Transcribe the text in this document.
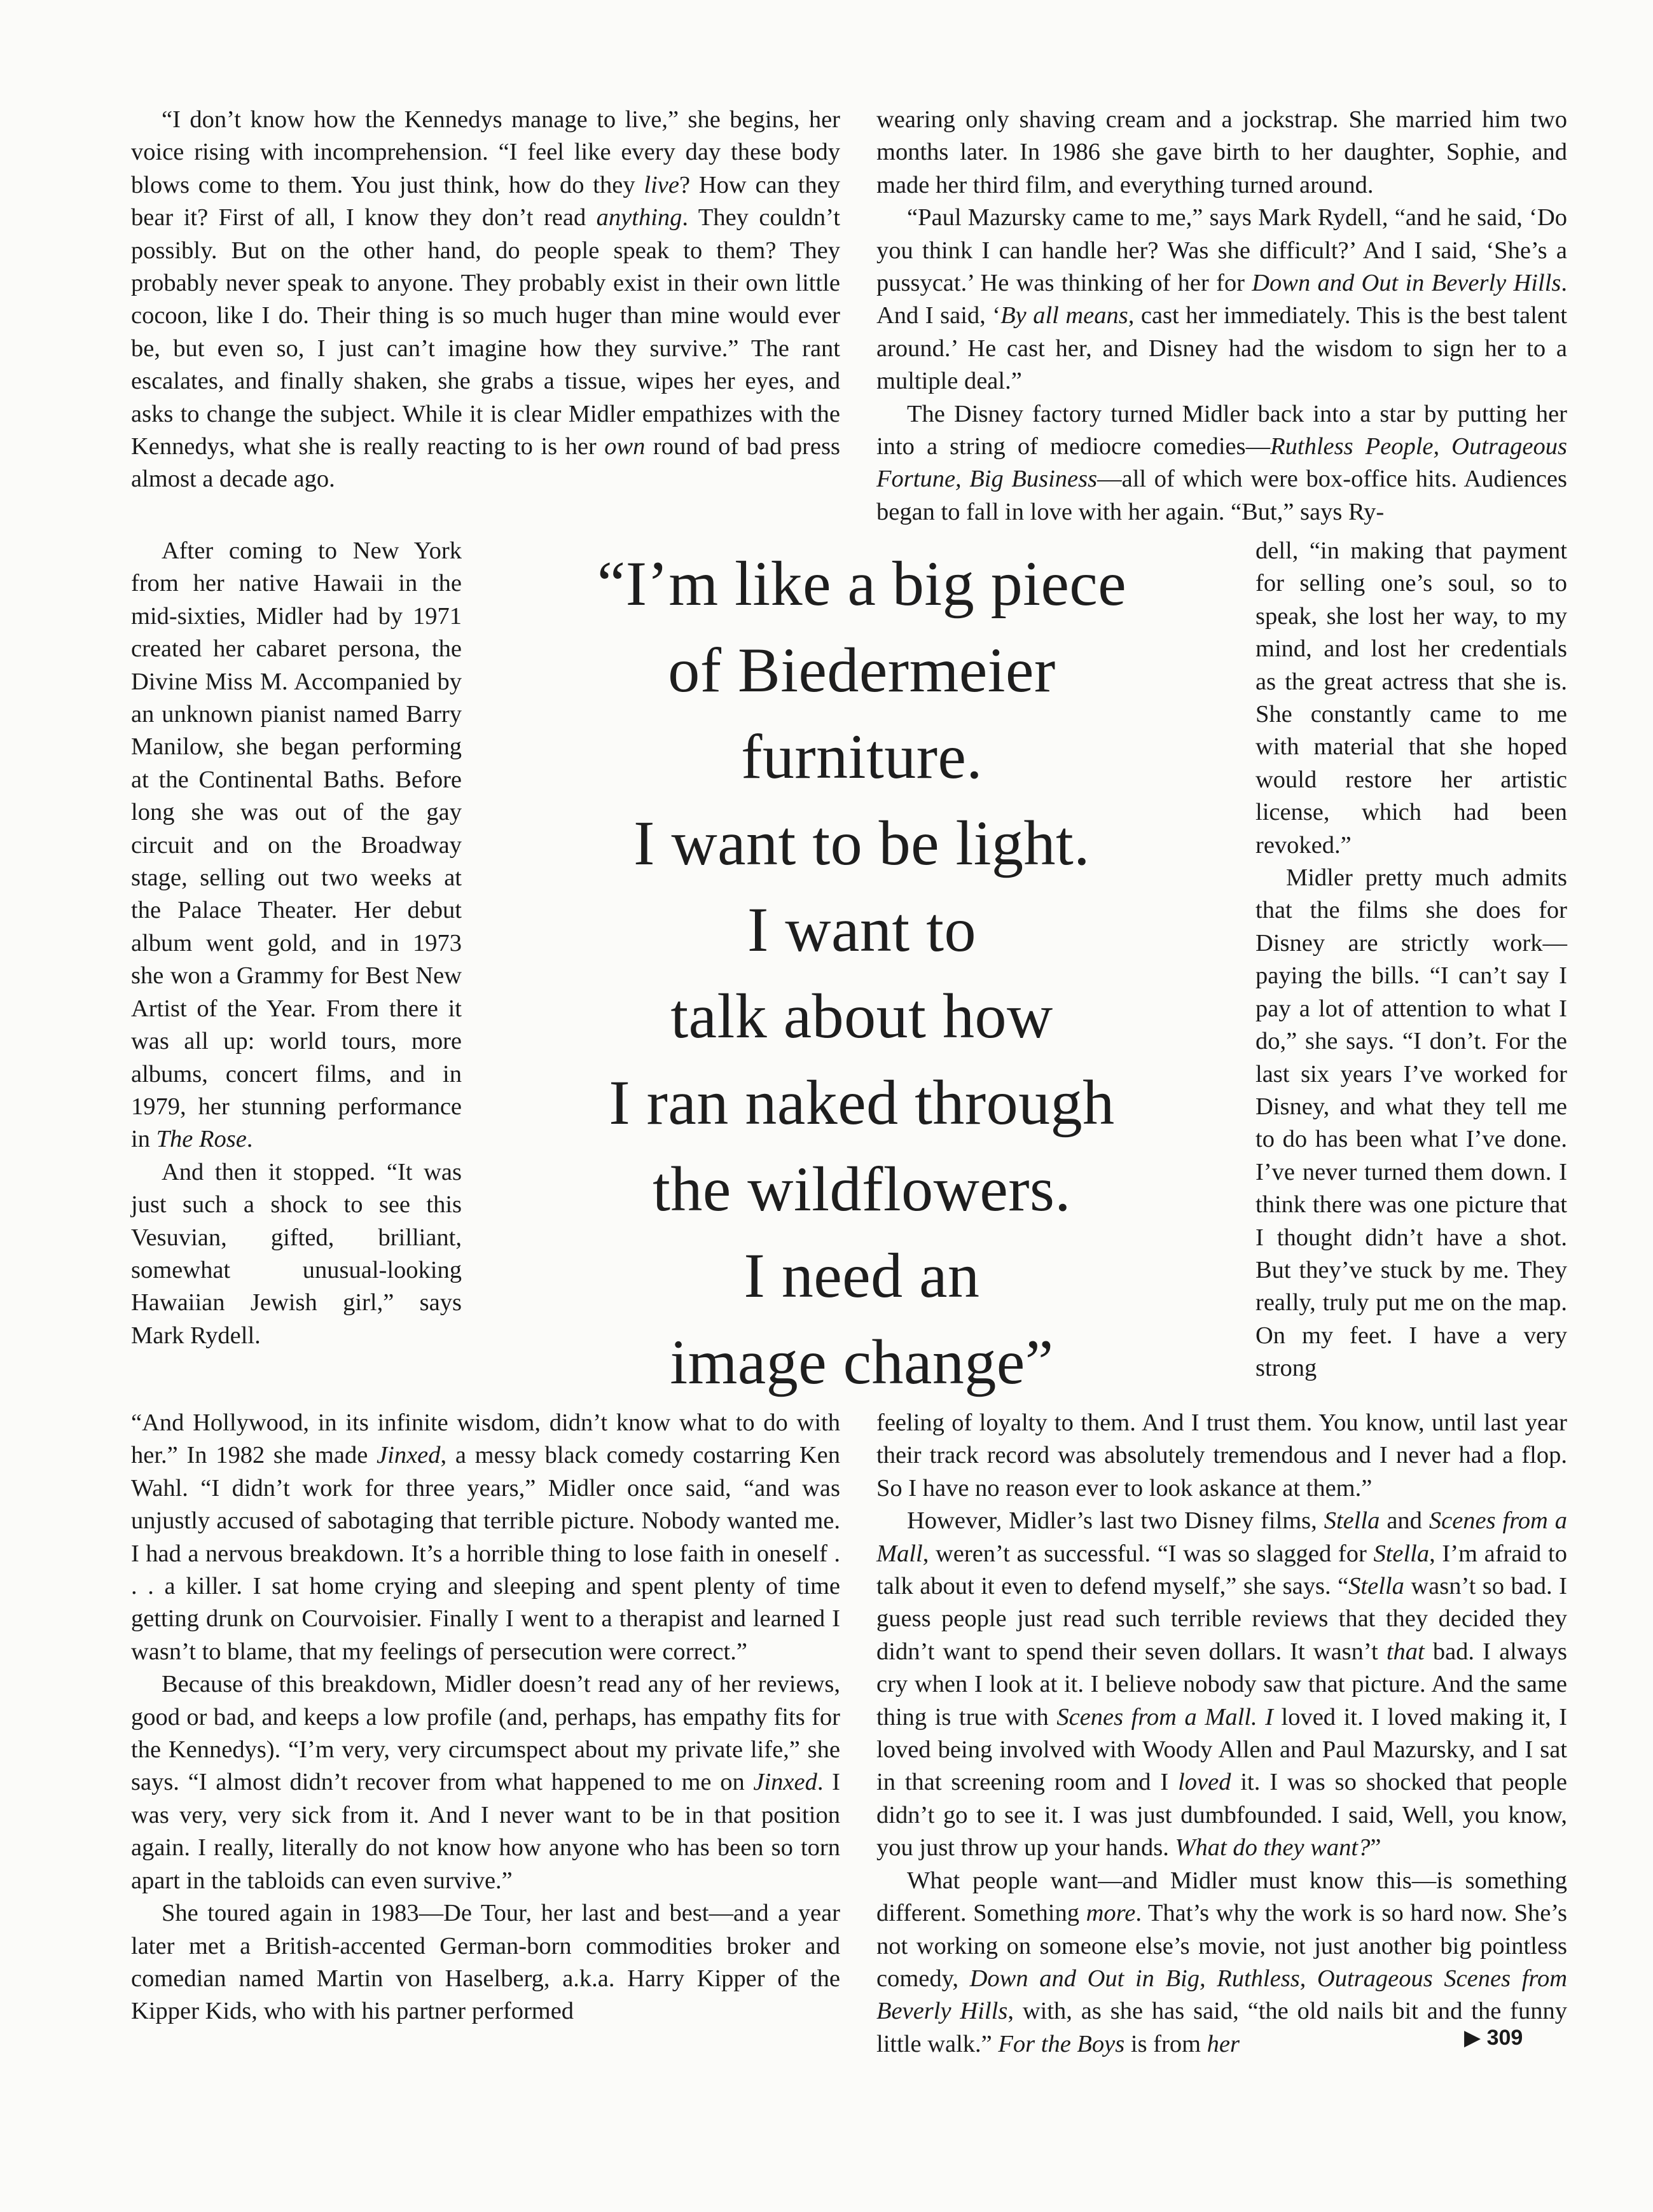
“I don’t know how the Kennedys manage to live,” she begins, her voice rising with incomprehension. “I feel like every day these body blows come to them. You just think, how do they live? How can they bear it? First of all, I know they don’t read anything. They couldn’t possibly. But on the other hand, do people speak to them? They probably never speak to anyone. They probably exist in their own little cocoon, like I do. Their thing is so much huger than mine would ever be, but even so, I just can’t imagine how they survive.” The rant escalates, and finally shaken, she grabs a tissue, wipes her eyes, and asks to change the subject. While it is clear Midler empathizes with the Kennedys, what she is really reacting to is her own round of bad press almost a decade ago.

After coming to New York from her native Hawaii in the mid-sixties, Midler had by 1971 created her cabaret persona, the Divine Miss M. Accompanied by an unknown pianist named Barry Manilow, she began performing at the Continental Baths. Before long she was out of the gay circuit and on the Broadway stage, selling out two weeks at the Palace Theater. Her debut album went gold, and in 1973 she won a Grammy for Best New Artist of the Year. From there it was all up: world tours, more albums, concert films, and in 1979, her stunning performance in The Rose.

And then it stopped. “It was just such a shock to see this Vesuvian, gifted, brilliant, somewhat unusual-looking Hawaiian Jewish girl,” says Mark Rydell.

“And Hollywood, in its infinite wisdom, didn’t know what to do with her.” In 1982 she made Jinxed, a messy black comedy costarring Ken Wahl. “I didn’t work for three years,” Midler once said, “and was unjustly accused of sabotaging that terrible picture. Nobody wanted me. I had a nervous breakdown. It’s a horrible thing to lose faith in oneself . . . a killer. I sat home crying and sleeping and spent plenty of time getting drunk on Courvoisier. Finally I went to a therapist and learned I wasn’t to blame, that my feelings of persecution were correct.”

Because of this breakdown, Midler doesn’t read any of her reviews, good or bad, and keeps a low profile (and, perhaps, has empathy fits for the Kennedys). “I’m very, very circumspect about my private life,” she says. “I almost didn’t recover from what happened to me on Jinxed. I was very, very sick from it. And I never want to be in that position again. I really, literally do not know how anyone who has been so torn apart in the tabloids can even survive.”

She toured again in 1983—De Tour, her last and best—and a year later met a British-accented German-born commodities broker and comedian named Martin von Haselberg, a.k.a. Harry Kipper of the Kipper Kids, who with his partner performed

wearing only shaving cream and a jockstrap. She married him two months later. In 1986 she gave birth to her daughter, Sophie, and made her third film, and everything turned around.

“Paul Mazursky came to me,” says Mark Rydell, “and he said, ‘Do you think I can handle her? Was she difficult?’ And I said, ‘She’s a pussycat.’ He was thinking of her for Down and Out in Beverly Hills. And I said, ‘By all means, cast her immediately. This is the best talent around.’ He cast her, and Disney had the wisdom to sign her to a multiple deal.”

The Disney factory turned Midler back into a star by putting her into a string of mediocre comedies—Ruthless People, Outrageous Fortune, Big Business—all of which were box-office hits. Audiences began to fall in love with her again. “But,” says Ry-

dell, “in making that payment for selling one’s soul, so to speak, she lost her way, to my mind, and lost her credentials as the great actress that she is. She constantly came to me with material that she hoped would restore her artistic license, which had been revoked.”

Midler pretty much admits that the films she does for Disney are strictly work—paying the bills. “I can’t say I pay a lot of attention to what I do,” she says. “I don’t. For the last six years I’ve worked for Disney, and what they tell me to do has been what I’ve done. I’ve never turned them down. I think there was one picture that I thought didn’t have a shot. But they’ve stuck by me. They really, truly put me on the map. On my feet. I have a very strong

feeling of loyalty to them. And I trust them. You know, until last year their track record was absolutely tremendous and I never had a flop. So I have no reason ever to look askance at them.”

However, Midler’s last two Disney films, Stella and Scenes from a Mall, weren’t as successful. “I was so slagged for Stella, I’m afraid to talk about it even to defend myself,” she says. “Stella wasn’t so bad. I guess people just read such terrible reviews that they decided they didn’t want to spend their seven dollars. It wasn’t that bad. I always cry when I look at it. I believe nobody saw that picture. And the same thing is true with Scenes from a Mall. I loved it. I loved making it, I loved being involved with Woody Allen and Paul Mazursky, and I sat in that screening room and I loved it. I was so shocked that people didn’t go to see it. I was just dumbfounded. I said, Well, you know, you just throw up your hands. What do they want?”

What people want—and Midler must know this—is something different. Something more. That’s why the work is so hard now. She’s not working on someone else’s movie, not just another big pointless comedy, Down and Out in Big, Ruthless, Outrageous Scenes from Beverly Hills, with, as she has said, “the old nails bit and the funny little walk.” For the Boys is from her

“I’m like a big piece
of Biedermeier
furniture.
I want to be light.
I want to
talk about how
I ran naked through
the wildflowers.
I need an
image change”
▶ 309
